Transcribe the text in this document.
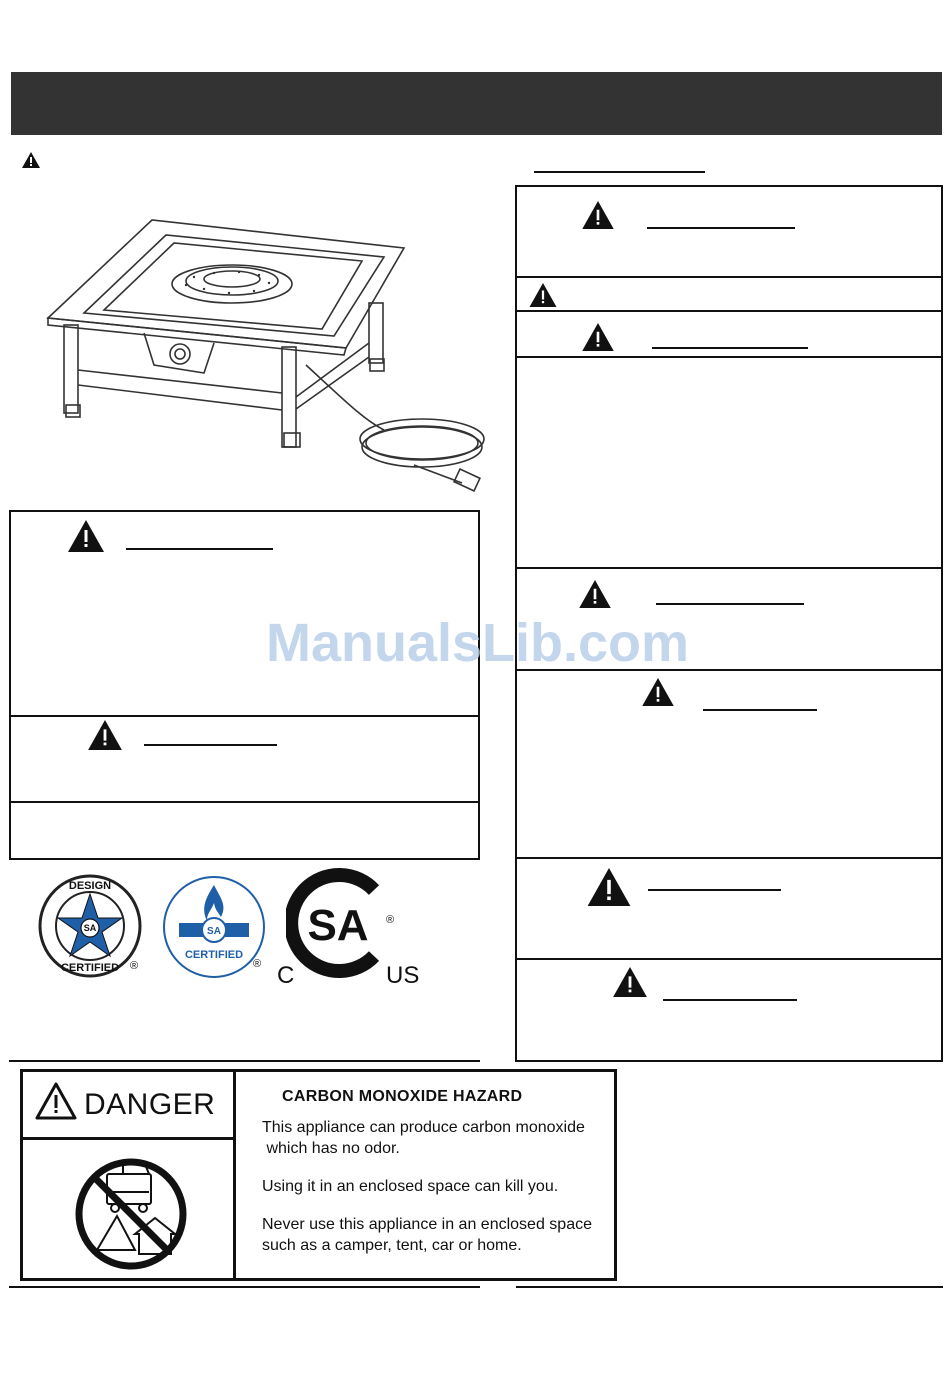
ManualsLib.com
SA
DESIGN
CERTIFIED ®
SA
CERTIFIED
®
SA ®
C	US
DANGER	CARBON MONOXIDE HAZARD
This appliance can produce carbon monoxide
which has no odor.
Using it in an enclosed space can kill you.
Never use this appliance in an enclosed space
such as a camper, tent, car or home.
